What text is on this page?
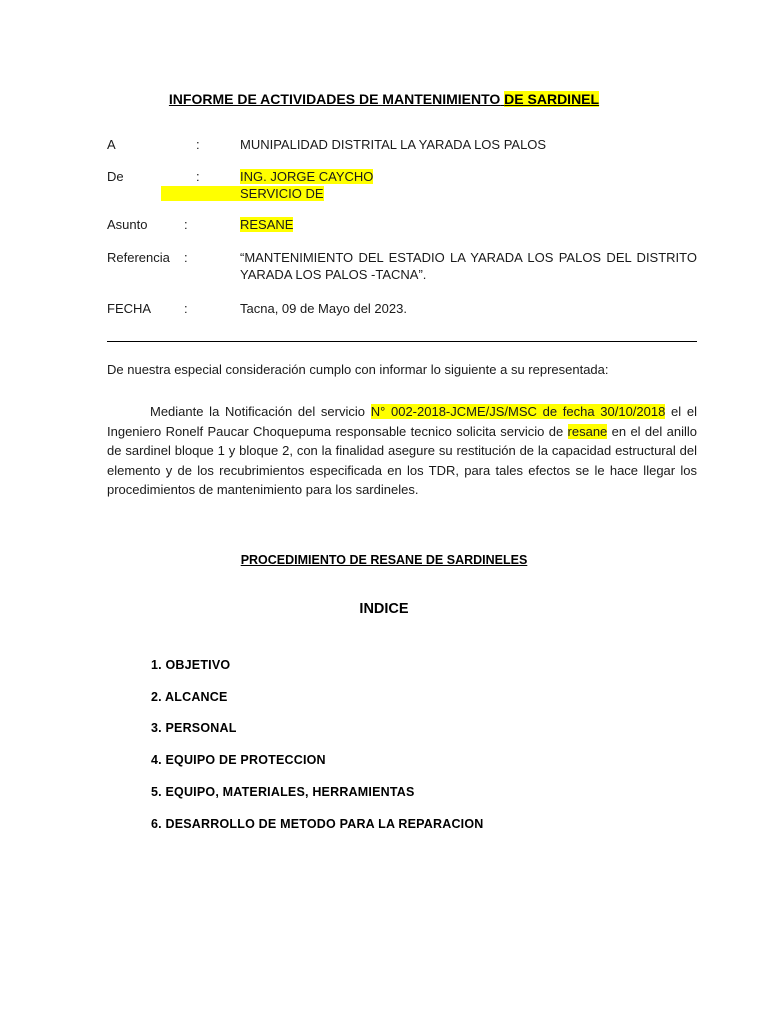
INFORME DE ACTIVIDADES DE MANTENIMIENTO DE SARDINEL
A	:	MUNIPALIDAD DISTRITAL LA YARADA LOS PALOS
De	:	ING. JORGE CAYCHO
SERVICIO DE
Asunto	:	RESANE
Referencia :	“MANTENIMIENTO DEL ESTADIO LA YARADA LOS PALOS DEL DISTRITO YARADA LOS PALOS -TACNA”.
FECHA	:	Tacna, 09 de Mayo del 2023.
De nuestra especial consideración cumplo con informar lo siguiente a su representada:
Mediante la Notificación del servicio N° 002-2018-JCME/JS/MSC de fecha 30/10/2018 el el Ingeniero Ronelf Paucar Choquepuma responsable tecnico solicita servicio de resane en el del anillo de sardinel bloque 1 y bloque 2, con la finalidad asegure su restitución de la capacidad estructural del elemento y de los recubrimientos especificada en los TDR, para tales efectos se le hace llegar los procedimientos de mantenimiento para los sardineles.
PROCEDIMIENTO DE RESANE DE SARDINELES
INDICE
1. OBJETIVO
2. ALCANCE
3. PERSONAL
4. EQUIPO DE PROTECCION
5. EQUIPO, MATERIALES, HERRAMIENTAS
6. DESARROLLO DE METODO PARA LA REPARACION
